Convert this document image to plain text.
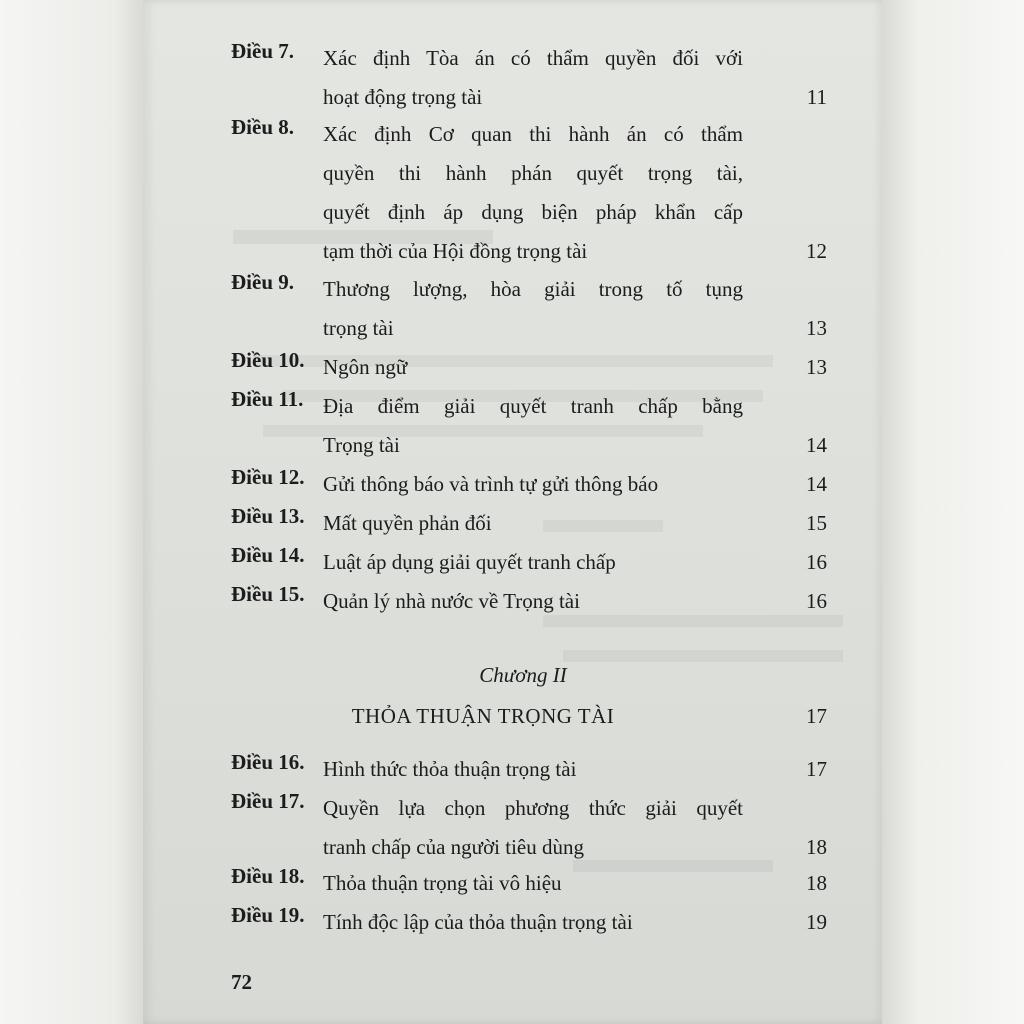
Điều 7. Xác định Tòa án có thẩm quyền đối với
hoạt động trọng tài	11
Điều 8. Xác định Cơ quan thi hành án có thẩm
quyền thi hành phán quyết trọng tài,
quyết định áp dụng biện pháp khẩn cấp
tạm thời của Hội đồng trọng tài	12
Điều 9. Thương lượng, hòa giải trong tố tụng
trọng tài	13
Điều 10. Ngôn ngữ	13
Điều 11. Địa điểm giải quyết tranh chấp bằng
Trọng tài	14
Điều 12. Gửi thông báo và trình tự gửi thông báo	14
Điều 13. Mất quyền phản đối	15
Điều 14. Luật áp dụng giải quyết tranh chấp	16
Điều 15. Quản lý nhà nước về Trọng tài	16
Chương II
THỎA THUẬN TRỌNG TÀI	17
Điều 16. Hình thức thỏa thuận trọng tài	17
Điều 17. Quyền lựa chọn phương thức giải quyết
tranh chấp của người tiêu dùng	18
Điều 18. Thỏa thuận trọng tài vô hiệu	18
Điều 19. Tính độc lập của thỏa thuận trọng tài	19
72
